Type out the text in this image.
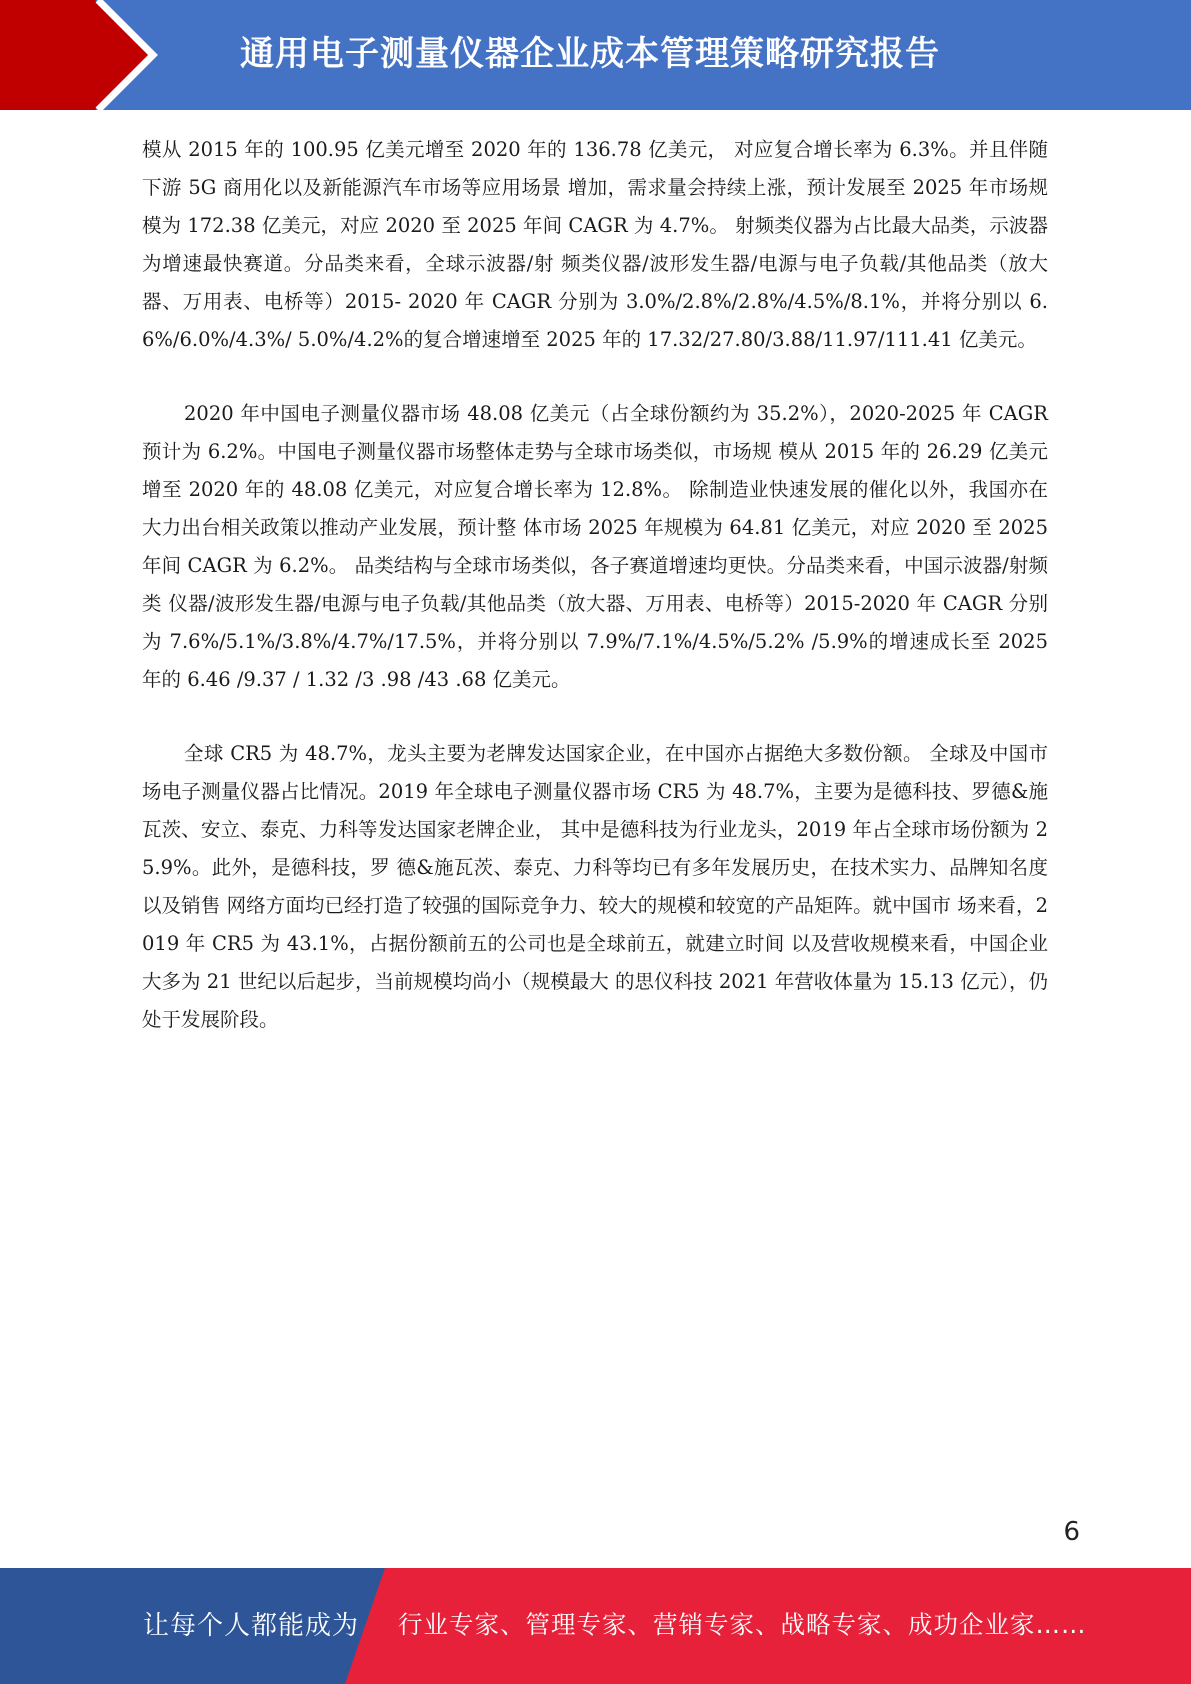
通用电子测量仪器企业成本管理策略研究报告

模从 2015 年的 100.95 亿美元增至 2020 年的 136.78 亿美元， 对应复合增长率为 6.3%。并且伴随下游 5G 商用化以及新能源汽车市场等应用场景 增加，需求量会持续上涨，预计发展至 2025 年市场规模为 172.38 亿美元，对应 2020 至 2025 年间 CAGR 为 4.7%。 射频类仪器为占比最大品类，示波器为增速最快赛道。分品类来看，全球示波器/射 频类仪器/波形发生器/电源与电子负载/其他品类（放大器、万用表、电桥等）2015- 2020 年 CAGR 分别为 3.0%/2.8%/2.8%/4.5%/8.1%，并将分别以 6.6%/6.0%/4.3%/ 5.0%/4.2%的复合增速增至 2025 年的 17.32/27.80/3.88/11.97/111.41 亿美元。

2020 年中国电子测量仪器市场 48.08 亿美元（占全球份额约为 35.2%），2020-2025 年 CAGR 预计为 6.2%。中国电子测量仪器市场整体走势与全球市场类似，市场规 模从 2015 年的 26.29 亿美元增至 2020 年的 48.08 亿美元，对应复合增长率为 12.8%。 除制造业快速发展的催化以外，我国亦在大力出台相关政策以推动产业发展，预计整 体市场 2025 年规模为 64.81 亿美元，对应 2020 至 2025 年间 CAGR 为 6.2%。 品类结构与全球市场类似，各子赛道增速均更快。分品类来看，中国示波器/射频类 仪器/波形发生器/电源与电子负载/其他品类（放大器、万用表、电桥等）2015-2020 年 CAGR 分别为 7.6%/5.1%/3.8%/4.7%/17.5%，并将分别以 7.9%/7.1%/4.5%/5.2% /5.9%的增速成长至 2025 年的 6.46 /9.37 / 1.32 /3 .98 /43 .68 亿美元。

全球 CR5 为 48.7%，龙头主要为老牌发达国家企业，在中国亦占据绝大多数份额。 全球及中国市场电子测量仪器占比情况。2019 年全球电子测量仪器市场 CR5 为 48.7%，主要为是德科技、罗德&施瓦茨、安立、泰克、力科等发达国家老牌企业， 其中是德科技为行业龙头，2019 年占全球市场份额为 25.9%。此外，是德科技，罗 德&施瓦茨、泰克、力科等均已有多年发展历史，在技术实力、品牌知名度以及销售 网络方面均已经打造了较强的国际竞争力、较大的规模和较宽的产品矩阵。就中国市 场来看，2019 年 CR5 为 43.1%，占据份额前五的公司也是全球前五，就建立时间 以及营收规模来看，中国企业大多为 21 世纪以后起步，当前规模均尚小（规模最大 的思仪科技 2021 年营收体量为 15.13 亿元），仍处于发展阶段。

6
让每个人都能成为 行业专家、管理专家、营销专家、战略专家、成功企业家……
